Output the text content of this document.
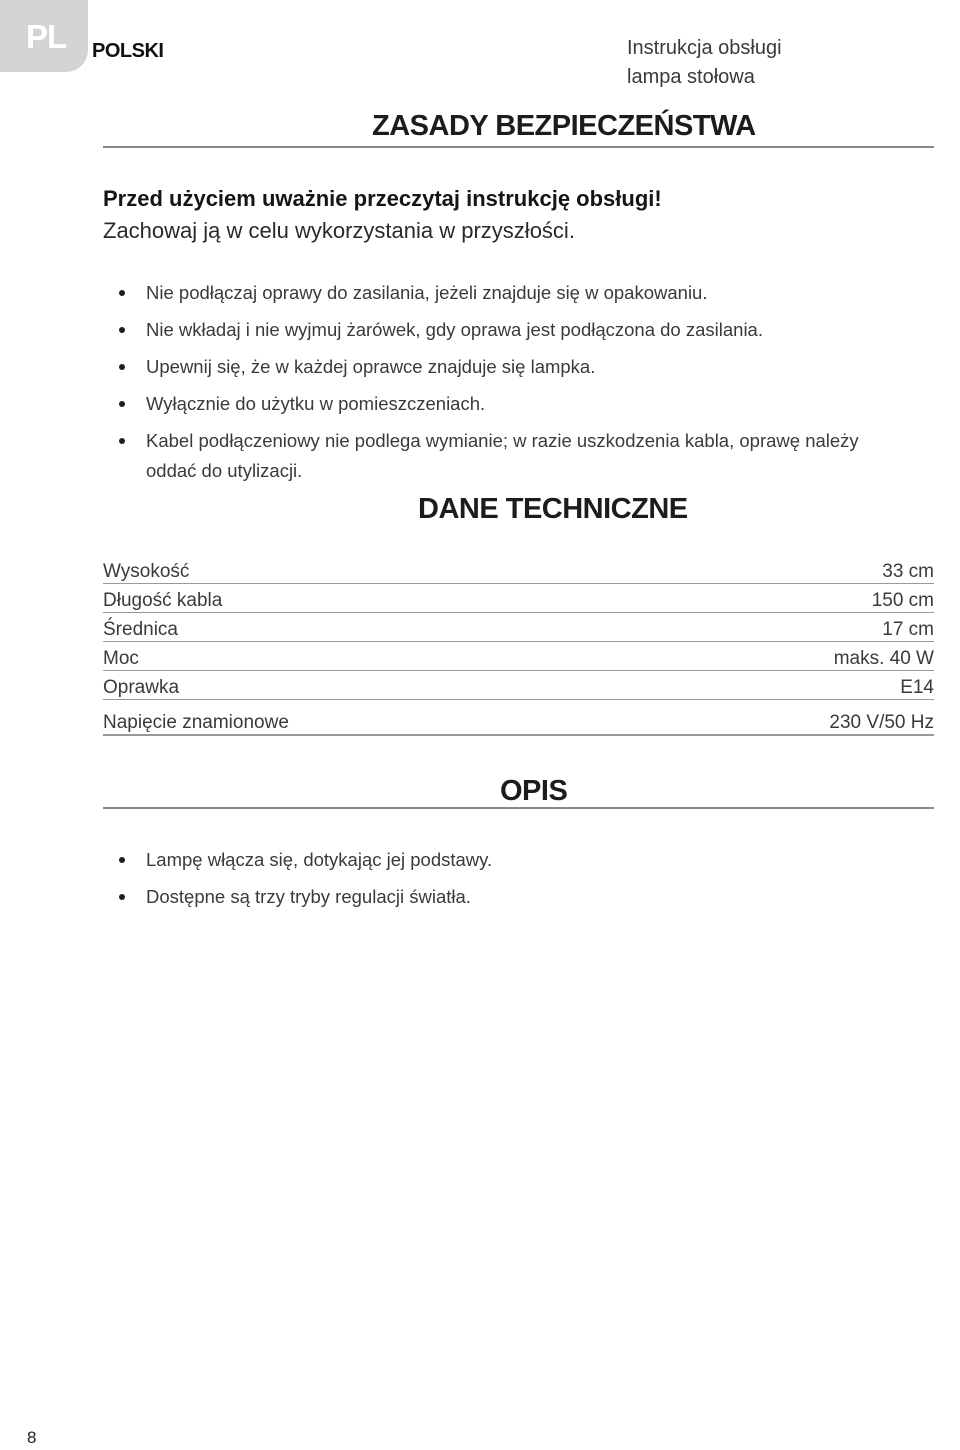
PL POLSKI	Instrukcja obsługi
lampa stołowa
ZASADY BEZPIECZEŃSTWA
Przed użyciem uważnie przeczytaj instrukcję obsługi!
Zachowaj ją w celu wykorzystania w przyszłości.
Nie podłączaj oprawy do zasilania, jeżeli znajduje się w opakowaniu.
Nie wkładaj i nie wyjmuj żarówek, gdy oprawa jest podłączona do zasilania.
Upewnij się, że w każdej oprawce znajduje się lampka.
Wyłącznie do użytku w pomieszczeniach.
Kabel podłączeniowy nie podlega wymianie; w razie uszkodzenia kabla, oprawę należy oddać do utylizacji.
DANE TECHNICZNE
Wysokość	33 cm
Długość kabla	150 cm
Średnica	17 cm
Moc	maks. 40 W
Oprawka	E14
Napięcie znamionowe	230 V/50 Hz
OPIS
Lampę włącza się, dotykając jej podstawy.
Dostępne są trzy tryby regulacji światła.
8
